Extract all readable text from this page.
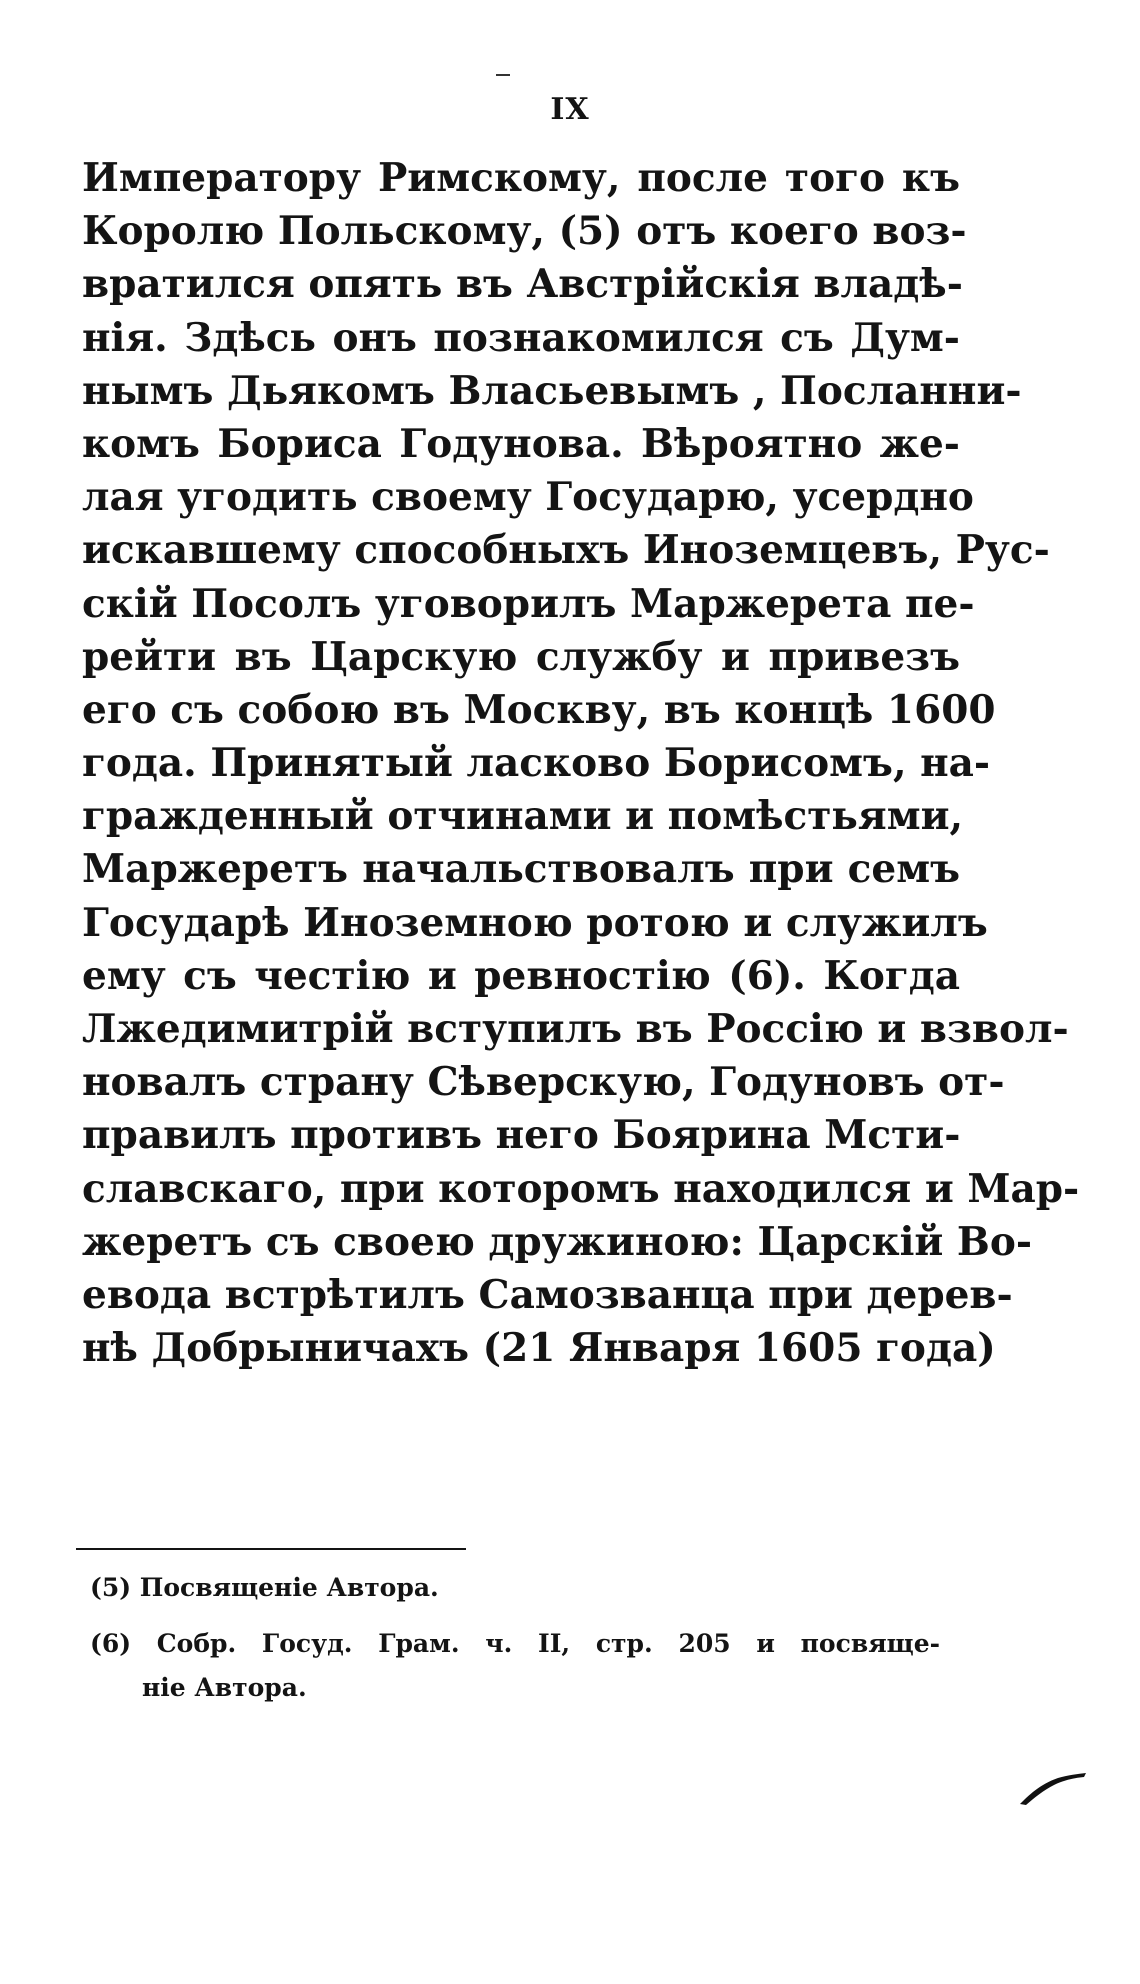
IX
Императору Римскому, после того къ
Королю Польскому, (5) отъ коего воз-
вратился опять въ Австрійскія владѣ-
нія. Здѣсь онъ познакомился съ Дум-
нымъ Дьякомъ Власьевымъ , Посланни-
комъ Бориса Годунова. Вѣроятно же-
лая угодить своему Государю, усердно
искавшему способныхъ Иноземцевъ, Рус-
скій Посолъ уговорилъ Маржерета пе-
рейти въ Царскую службу и привезъ
его съ собою въ Москву, въ концѣ 1600
года. Принятый ласково Борисомъ, на-
гражденный отчинами и помѣстьями,
Маржеретъ начальствовалъ при семъ
Государѣ Иноземною ротою и служилъ
ему съ честію и ревностію (6). Когда
Лжедимитрій вступилъ въ Россію и взвол-
новалъ страну Сѣверскую, Годуновъ от-
правилъ противъ него Боярина Мсти-
славскаго, при которомъ находился и Мар-
жеретъ съ своею дружиною: Царскій Во-
евода встрѣтилъ Самозванца при дерев-
нѣ Добрыничахъ (21 Января 1605 года)
(5) Посвященіе Автора.
(6) Собр. Госуд. Грам. ч. II, стр. 205 и посвяще-
ніе Автора.
